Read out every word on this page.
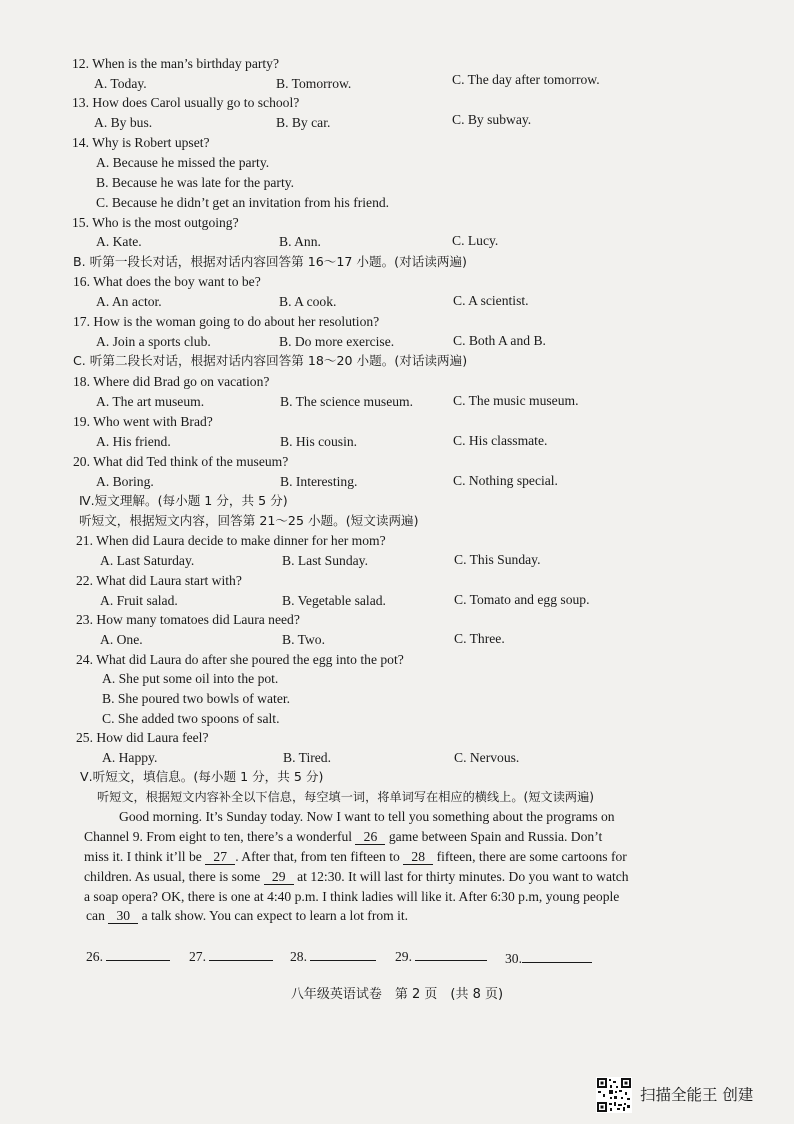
12. When is the man’s birthday party?
A. Today.	B. Tomorrow.	C. The day after tomorrow.
13. How does Carol usually go to school?
A. By bus.	B. By car.	C. By subway.
14. Why is Robert upset?
A. Because he missed the party.
B. Because he was late for the party.
C. Because he didn’t get an invitation from his friend.
15. Who is the most outgoing?
A. Kate.	B. Ann.	C. Lucy.
B. 听第一段长对话，根据对话内容回答第 16～17 小题。(对话读两遍)
16. What does the boy want to be?
A. An actor.	B. A cook.	C. A scientist.
17. How is the woman going to do about her resolution?
A. Join a sports club.	B. Do more exercise.	C. Both A and B.
C. 听第二段长对话，根据对话内容回答第 18～20 小题。(对话读两遍)
18. Where did Brad go on vacation?
A. The art museum.	B. The science museum.	C. The music museum.
19. Who went with Brad?
A. His friend.	B. His cousin.	C. His classmate.
20. What did Ted think of the museum?
A. Boring.	B. Interesting.	C. Nothing special.
Ⅳ.短文理解。(每小题 1 分，共 5 分)
听短文，根据短文内容，回答第 21～25 小题。(短文读两遍)
21. When did Laura decide to make dinner for her mom?
A. Last Saturday.	B. Last Sunday.	C. This Sunday.
22. What did Laura start with?
A. Fruit salad.	B. Vegetable salad.	C. Tomato and egg soup.
23. How many tomatoes did Laura need?
A. One.	B. Two.	C. Three.
24. What did Laura do after she poured the egg into the pot?
A. She put some oil into the pot.
B. She poured two bowls of water.
C. She added two spoons of salt.
25. How did Laura feel?
A. Happy.	B. Tired.	C. Nervous.
Ⅴ.听短文，填信息。(每小题 1 分，共 5 分)
听短文，根据短文内容补全以下信息，每空填一词，将单词写在相应的横线上。(短文读两遍)
Good morning. It’s Sunday today. Now I want to tell you something about the programs on
Channel 9. From eight to ten, there’s a wonderful 26 game between Spain and Russia. Don’t
miss it. I think it’ll be 27 . After that, from ten fifteen to 28 fifteen, there are some cartoons for
children. As usual, there is some 29 at 12:30. It will last for thirty minutes. Do you want to watch
a soap opera? OK, there is one at 4:40 p.m. I think ladies will like it. After 6:30 p.m, young people
can 30 a talk show. You can expect to learn a lot from it.
26.	27.	28.	29.	30.
八年级英语试卷　第 2 页　(共 8 页)
扫描全能王 创建
